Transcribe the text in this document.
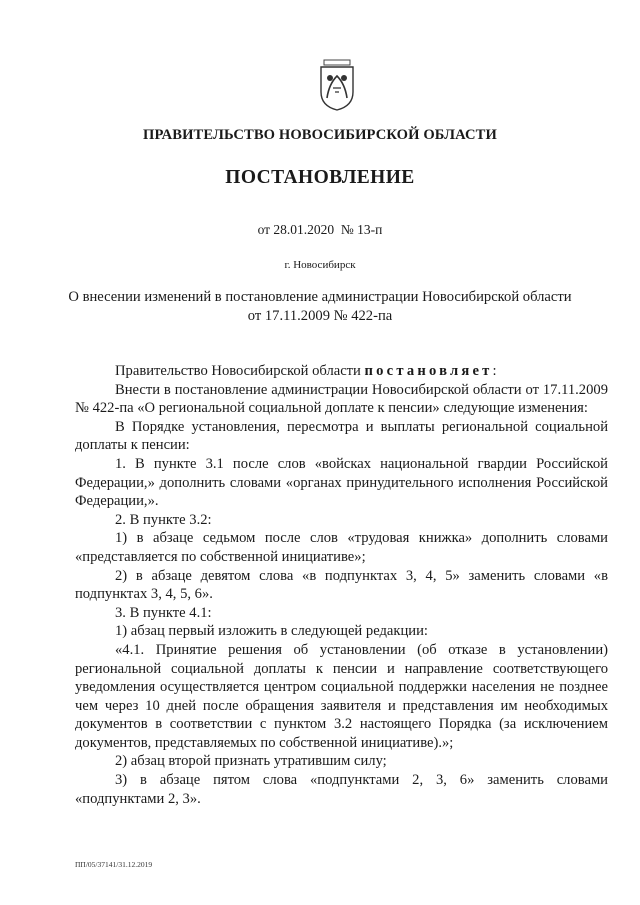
ПРАВИТЕЛЬСТВО НОВОСИБИРСКОЙ ОБЛАСТИ
ПОСТАНОВЛЕНИЕ
от 28.01.2020  № 13-п
г. Новосибирск
О внесении изменений в постановление администрации Новосибирской области
от 17.11.2009 № 422-па

Правительство Новосибирской области постановляет:

Внести в постановление администрации Новосибирской области от 17.11.2009 № 422-па «О региональной социальной доплате к пенсии» следующие изменения:

В Порядке установления, пересмотра и выплаты региональной социальной доплаты к пенсии:

1. В пункте 3.1 после слов «войсках национальной гвардии Российской Федерации,» дополнить словами «органах принудительного исполнения Российской Федерации,».

2. В пункте 3.2:

1) в абзаце седьмом после слов «трудовая книжка» дополнить словами «представляется по собственной инициативе»;

2) в абзаце девятом слова «в подпунктах 3, 4, 5» заменить словами «в подпунктах 3, 4, 5, 6».

3. В пункте 4.1:

1) абзац первый изложить в следующей редакции:

«4.1. Принятие решения об установлении (об отказе в установлении) региональной социальной доплаты к пенсии и направление соответствующего уведомления осуществляется центром социальной поддержки населения не позднее чем через 10 дней после обращения заявителя и представления им необходимых документов в соответствии с пунктом 3.2 настоящего Порядка (за исключением документов, представляемых по собственной инициативе).»;

2) абзац второй признать утратившим силу;

3) в абзаце пятом слова «подпунктами 2, 3, 6» заменить словами «подпунктами 2, 3».

ПП/05/37141/31.12.2019
